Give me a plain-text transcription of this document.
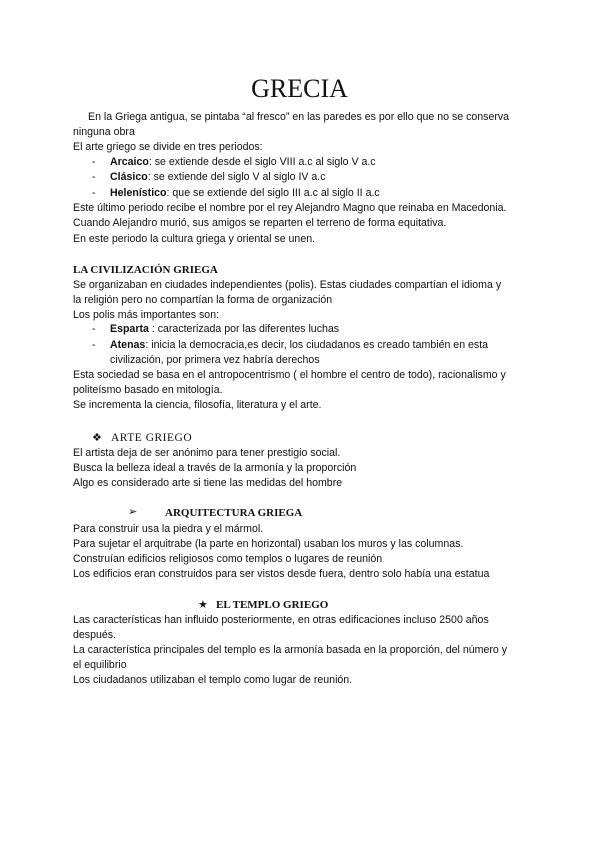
GRECIA
En la Griega antigua, se pintaba “al fresco” en las paredes es por ello que no se conserva
ninguna obra
El arte griego se divide en tres periodos:
- Arcaico: se extiende desde el siglo VIII a.c al siglo V a.c
- Clásico: se extiende del siglo V al siglo IV a.c
- Helenístico: que se extiende del siglo III a.c al siglo II a.c
Este último periodo recibe el nombre por el rey Alejandro Magno que reinaba en Macedonia.
Cuando Alejandro murió, sus amigos se reparten el terreno de forma equitativa.
En este periodo la cultura griega y oriental se unen.
LA CIVILIZACIÓN GRIEGA
Se organizaban en ciudades independientes (polis). Estas ciudades compartían el idioma y
la religión pero no compartían la forma de organización
Los polis más importantes son:
- Esparta : caracterizada por las diferentes luchas
- Atenas: inicia la democracia,es decir, los ciudadanos es creado también en esta
civilización, por primera vez habría derechos
Esta sociedad se basa en el antropocentrismo ( el hombre el centro de todo), racionalismo y
politeísmo basado en mitología.
Se incrementa la ciencia, filosofía, literatura y el arte.
❖ ARTE GRIEGO
El artista deja de ser anónimo para tener prestigio social.
Busca la belleza ideal a través de la armonía y la proporción
Algo es considerado arte si tiene las medidas del hombre
➢	ARQUITECTURA GRIEGA
Para construir usa la piedra y el mármol.
Para sujetar el arquitrabe (la parte en horizontal) usaban los muros y las columnas.
Construían edificios religiosos como templos o lugares de reunión
Los edificios eran construidos para ser vistos desde fuera, dentro solo había una estatua
★ EL TEMPLO GRIEGO
Las características han influido posteriormente, en otras edificaciones incluso 2500 años
después.
La característica principales del templo es la armonía basada en la proporción, del número y
el equilibrio
Los ciudadanos utilizaban el templo como lugar de reunión.
